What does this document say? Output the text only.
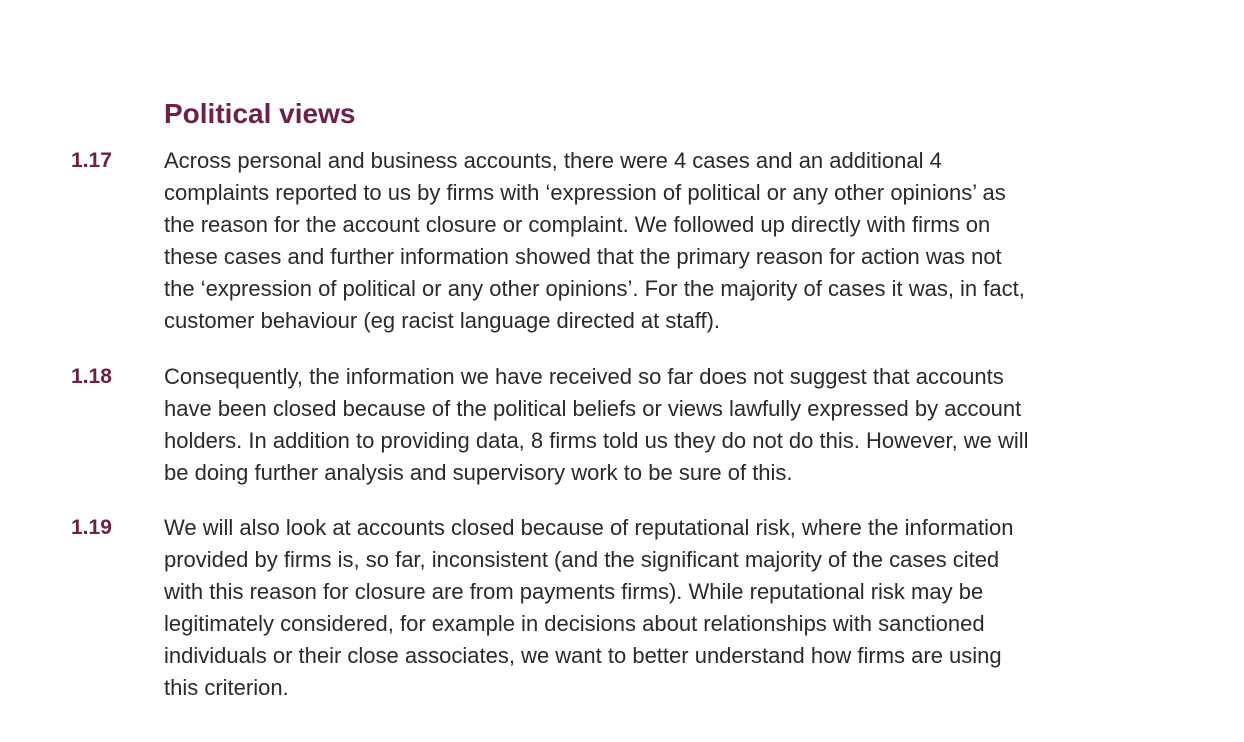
Political views
1.17 Across personal and business accounts, there were 4 cases and an additional 4
complaints reported to us by firms with ‘expression of political or any other opinions’ as
the reason for the account closure or complaint. We followed up directly with firms on
these cases and further information showed that the primary reason for action was not
the ‘expression of political or any other opinions’. For the majority of cases it was, in fact,
customer behaviour (eg racist language directed at staff).

1.18 Consequently, the information we have received so far does not suggest that accounts
have been closed because of the political beliefs or views lawfully expressed by account
holders. In addition to providing data, 8 firms told us they do not do this. However, we will
be doing further analysis and supervisory work to be sure of this.

1.19 We will also look at accounts closed because of reputational risk, where the information
provided by firms is, so far, inconsistent (and the significant majority of the cases cited
with this reason for closure are from payments firms). While reputational risk may be
legitimately considered, for example in decisions about relationships with sanctioned
individuals or their close associates, we want to better understand how firms are using
this criterion.
